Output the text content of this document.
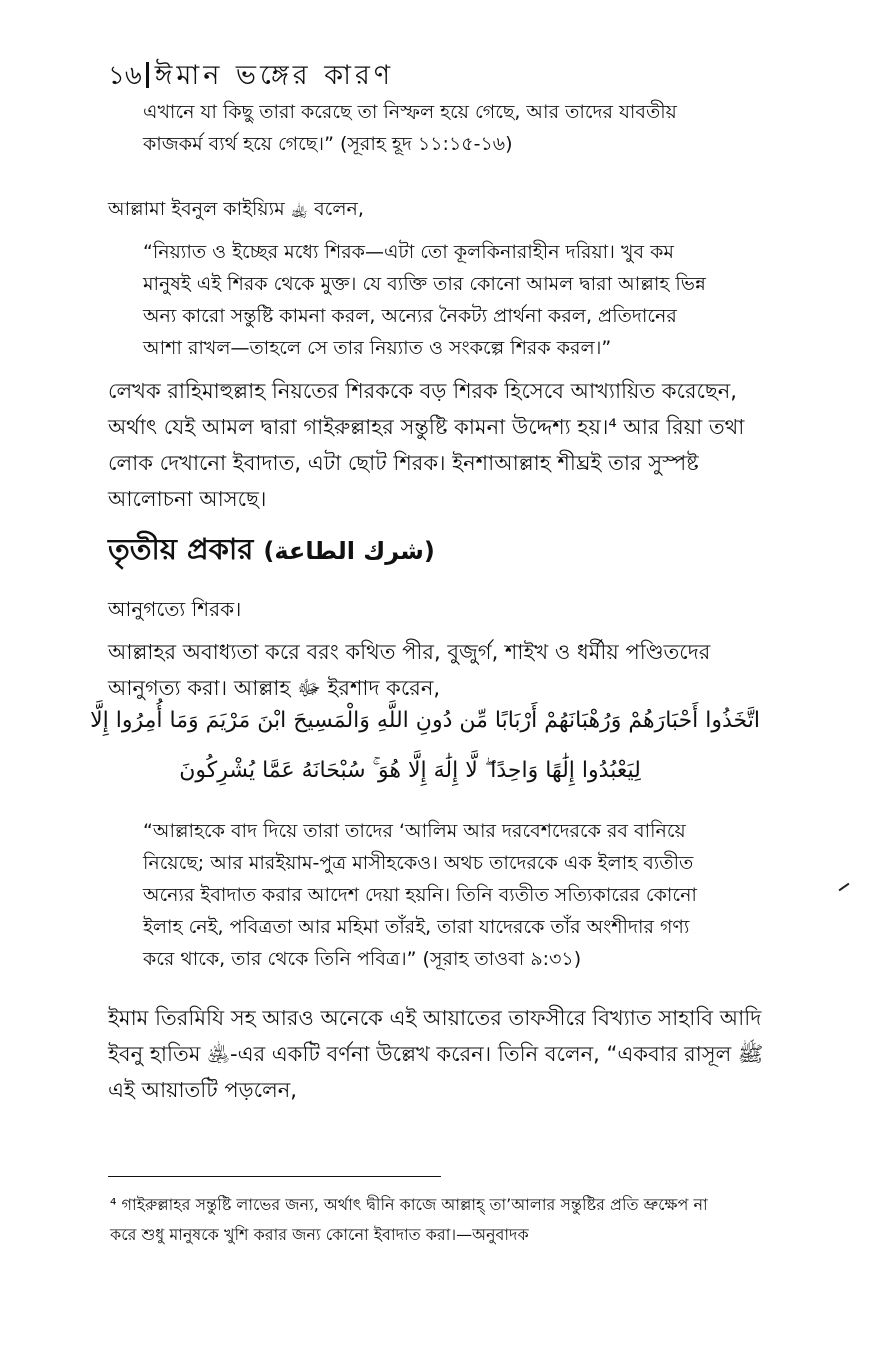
১৬ ঈমান ভঙ্গের কারণ
এখানে যা কিছু তারা করেছে তা নিস্ফল হয়ে গেছে, আর তাদের যাবতীয়
কাজকর্ম ব্যর্থ হয়ে গেছে।” (সূরাহ হূদ ১১:১৫-১৬)
আল্লামা ইবনুল কাইয়্যিম ﵀ বলেন,
“নিয়্যাত ও ইচ্ছের মধ্যে শিরক—এটা তো কূলকিনারাহীন দরিয়া। খুব কম
মানুষই এই শিরক থেকে মুক্ত। যে ব্যক্তি তার কোনো আমল দ্বারা আল্লাহ ভিন্ন
অন্য কারো সন্তুষ্টি কামনা করল, অন্যের নৈকট্য প্রার্থনা করল, প্রতিদানের
আশা রাখল—তাহলে সে তার নিয়্যাত ও সংকল্পে শিরক করল।”
লেখক রাহিমাহুল্লাহ নিয়তের শিরককে বড় শিরক হিসেবে আখ্যায়িত করেছেন,
অর্থাৎ যেই আমল দ্বারা গাইরুল্লাহর সন্তুষ্টি কামনা উদ্দেশ্য হয়।⁴ আর রিয়া তথা
লোক দেখানো ইবাদাত, এটা ছোট শিরক। ইনশাআল্লাহ শীঘ্রই তার সুস্পষ্ট
আলোচনা আসছে।
তৃতীয় প্রকার (شرك الطاعة)
আনুগত্যে শিরক।
আল্লাহর অবাধ্যতা করে বরং কথিত পীর, বুজুর্গ, শাইখ ও ধর্মীয় পণ্ডিতদের
আনুগত্য করা। আল্লাহ ﷻ ইরশাদ করেন,
اتَّخَذُوا أَحْبَارَهُمْ وَرُهْبَانَهُمْ أَرْبَابًا مِّن دُونِ اللَّهِ وَالْمَسِيحَ ابْنَ مَرْيَمَ وَمَا أُمِرُوا إِلَّا
لِيَعْبُدُوا إِلَٰهًا وَاحِدًا ۖ لَّا إِلَٰهَ إِلَّا هُوَ ۚ سُبْحَانَهُ عَمَّا يُشْرِكُونَ
“আল্লাহকে বাদ দিয়ে তারা তাদের ‘আলিম আর দরবেশদেরকে রব বানিয়ে
নিয়েছে; আর মারইয়াম-পুত্র মাসীহকেও। অথচ তাদেরকে এক ইলাহ ব্যতীত
অন্যের ইবাদাত করার আদেশ দেয়া হয়নি। তিনি ব্যতীত সত্যিকারের কোনো
ইলাহ নেই, পবিত্রতা আর মহিমা তাঁরই, তারা যাদেরকে তাঁর অংশীদার গণ্য
করে থাকে, তার থেকে তিনি পবিত্র।” (সূরাহ তাওবা ৯:৩১)
ইমাম তিরমিযি সহ আরও অনেকে এই আয়াতের তাফসীরে বিখ্যাত সাহাবি আদি
ইবনু হাতিম ﵁-এর একটি বর্ণনা উল্লেখ করেন। তিনি বলেন, “একবার রাসূল ﷺ
এই আয়াতটি পড়লেন,
⁴ গাইরুল্লাহর সন্তুষ্টি লাভের জন্য, অর্থাৎ দ্বীনি কাজে আল্লাহ্ তা’আলার সন্তুষ্টির প্রতি ভ্রুক্ষেপ না
করে শুধু মানুষকে খুশি করার জন্য কোনো ইবাদাত করা।—অনুবাদক
